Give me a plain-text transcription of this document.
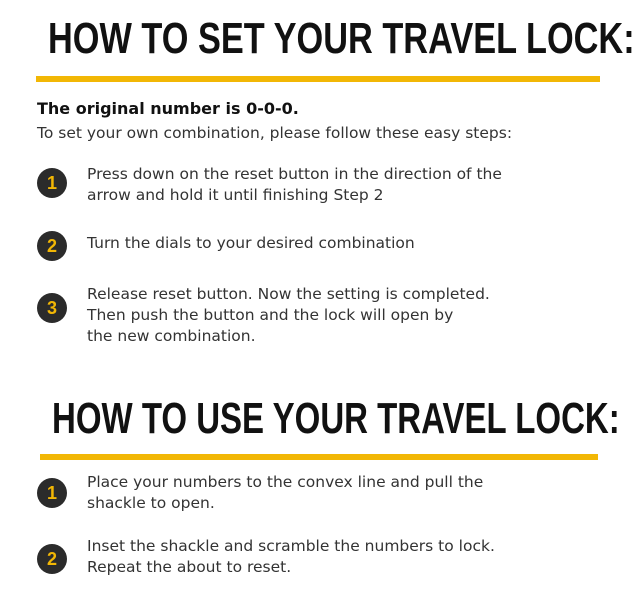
HOW TO SET YOUR TRAVEL LOCK:
The original number is 0-0-0.
To set your own combination, please follow these easy steps:
1	Press down on the reset button in the direction of the
arrow and hold it until finishing Step 2
2	Turn the dials to your desired combination
3
Release reset button. Now the setting is completed.
Then push the button and the lock will open by
the new combination.
HOW TO USE YOUR TRAVEL LOCK:
1
Place your numbers to the convex line and pull the
shackle to open.
2
Inset the shackle and scramble the numbers to lock.
Repeat the about to reset.
